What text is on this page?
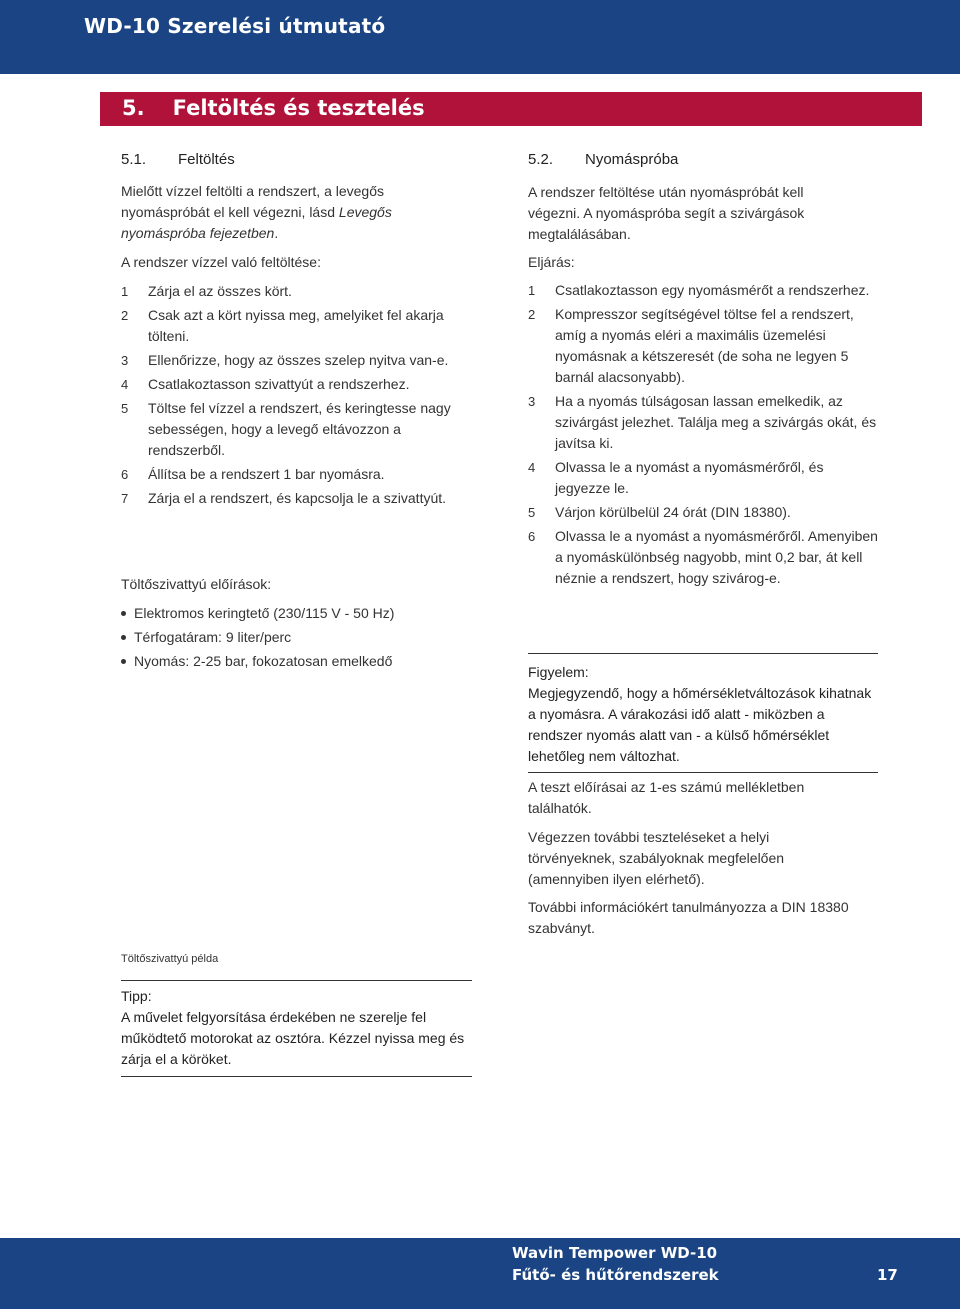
WD-10 Szerelési útmutató
5. Feltöltés és tesztelés
5.1. Feltöltés
Mielőtt vízzel feltölti a rendszert, a levegős nyomáspróbát el kell végezni, lásd Levegős nyomáspróba fejezetben.
A rendszer vízzel való feltöltése:
1 Zárja el az összes kört.
2 Csak azt a kört nyissa meg, amelyiket fel akarja tölteni.
3 Ellenőrizze, hogy az összes szelep nyitva van-e.
4 Csatlakoztasson szivattyút a rendszerhez.
5 Töltse fel vízzel a rendszert, és keringtesse nagy sebességen, hogy a levegő eltávozzon a rendszerből.
6 Állítsa be a rendszert 1 bar nyomásra.
7 Zárja el a rendszert, és kapcsolja le a szivattyút.
Töltőszivattyú előírások:
Elektromos keringtető (230/115 V - 50 Hz)
Térfogatáram: 9 liter/perc
Nyomás: 2-25 bar, fokozatosan emelkedő
Töltőszivattyú példa
Tipp:
A művelet felgyorsítása érdekében ne szerelje fel működtető motorokat az osztóra. Kézzel nyissa meg és zárja el a köröket.
5.2. Nyomáspróba
A rendszer feltöltése után nyomáspróbát kell végezni. A nyomáspróba segít a szivárgások megtalálásában.
Eljárás:
1 Csatlakoztasson egy nyomásmérőt a rendszerhez.
2 Kompresszor segítségével töltse fel a rendszert, amíg a nyomás eléri a maximális üzemelési nyomásnak a kétszeresét (de soha ne legyen 5 barnál alacsonyabb).
3 Ha a nyomás túlságosan lassan emelkedik, az szivárgást jelezhet. Találja meg a szivárgás okát, és javítsa ki.
4 Olvassa le a nyomást a nyomásmérőről, és jegyezze le.
5 Várjon körülbelül 24 órát (DIN 18380).
6 Olvassa le a nyomást a nyomásmérőről. Amenyiben a nyomáskülönbség nagyobb, mint 0,2 bar, át kell néznie a rendszert, hogy szivárog-e.
Figyelem:
Megjegyzendő, hogy a hőmérsékletváltozások kihatnak a nyomásra. A várakozási idő alatt - miközben a rendszer nyomás alatt van - a külső hőmérséklet lehetőleg nem változhat.
A teszt előírásai az 1-es számú mellékletben találhatók.
Végezzen további teszteléseket a helyi törvényeknek, szabályoknak megfelelően (amennyiben ilyen elérhető).
További információkért tanulmányozza a DIN 18380 szabványt.
Wavin Tempower WD-10
Fűtő- és hűtőrendszerek	17
